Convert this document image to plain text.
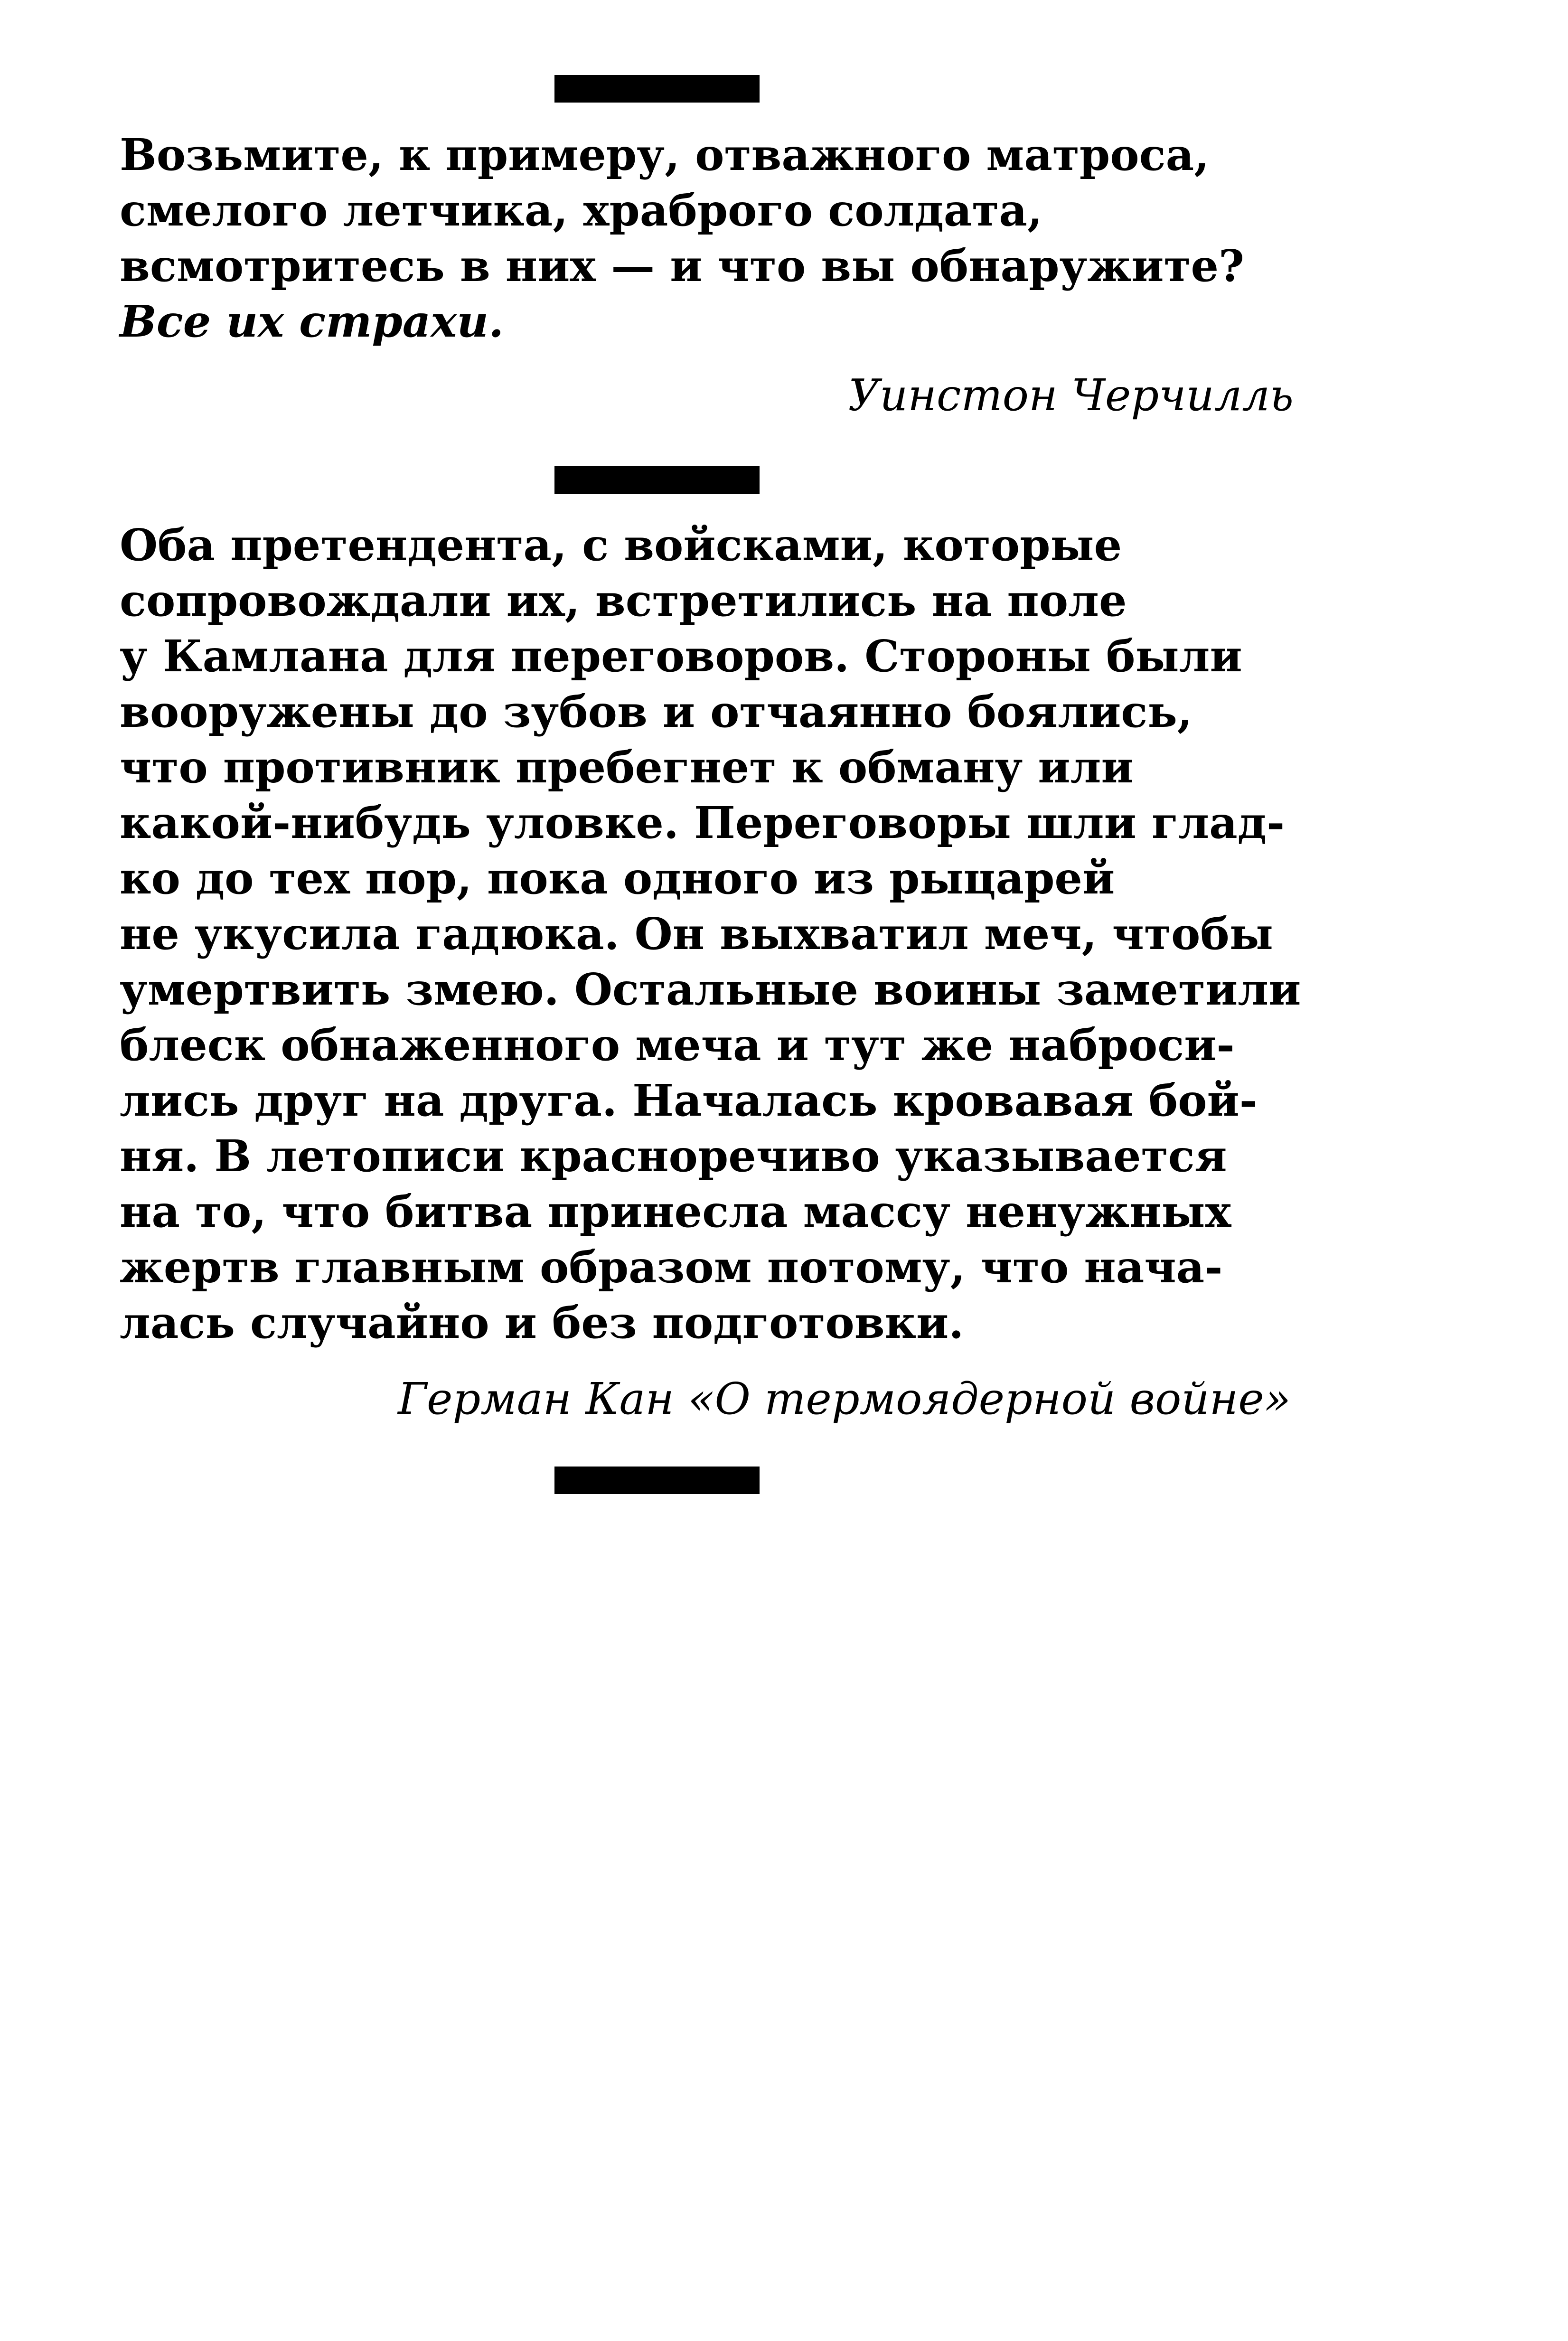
Возьмите, к примеру, отважного матроса,
смелого летчика, храброго солдата,
всмотритесь в них — и что вы обнаружите?
Все их страхи.
Уинстон Черчилль
Оба претендента, с войсками, которые
сопровождали их, встретились на поле
у Камлана для переговоров. Стороны были
вооружены до зубов и отчаянно боялись,
что противник пребегнет к обману или
какой-нибудь уловке. Переговоры шли глад-
ко до тех пор, пока одного из рыцарей
не укусила гадюка. Он выхватил меч, чтобы
умертвить змею. Остальные воины заметили
блеск обнаженного меча и тут же наброси-
лись друг на друга. Началась кровавая бой-
ня. В летописи красноречиво указывается
на то, что битва принесла массу ненужных
жертв главным образом потому, что нача-
лась случайно и без подготовки.
Герман Кан «О термоядерной войне»
